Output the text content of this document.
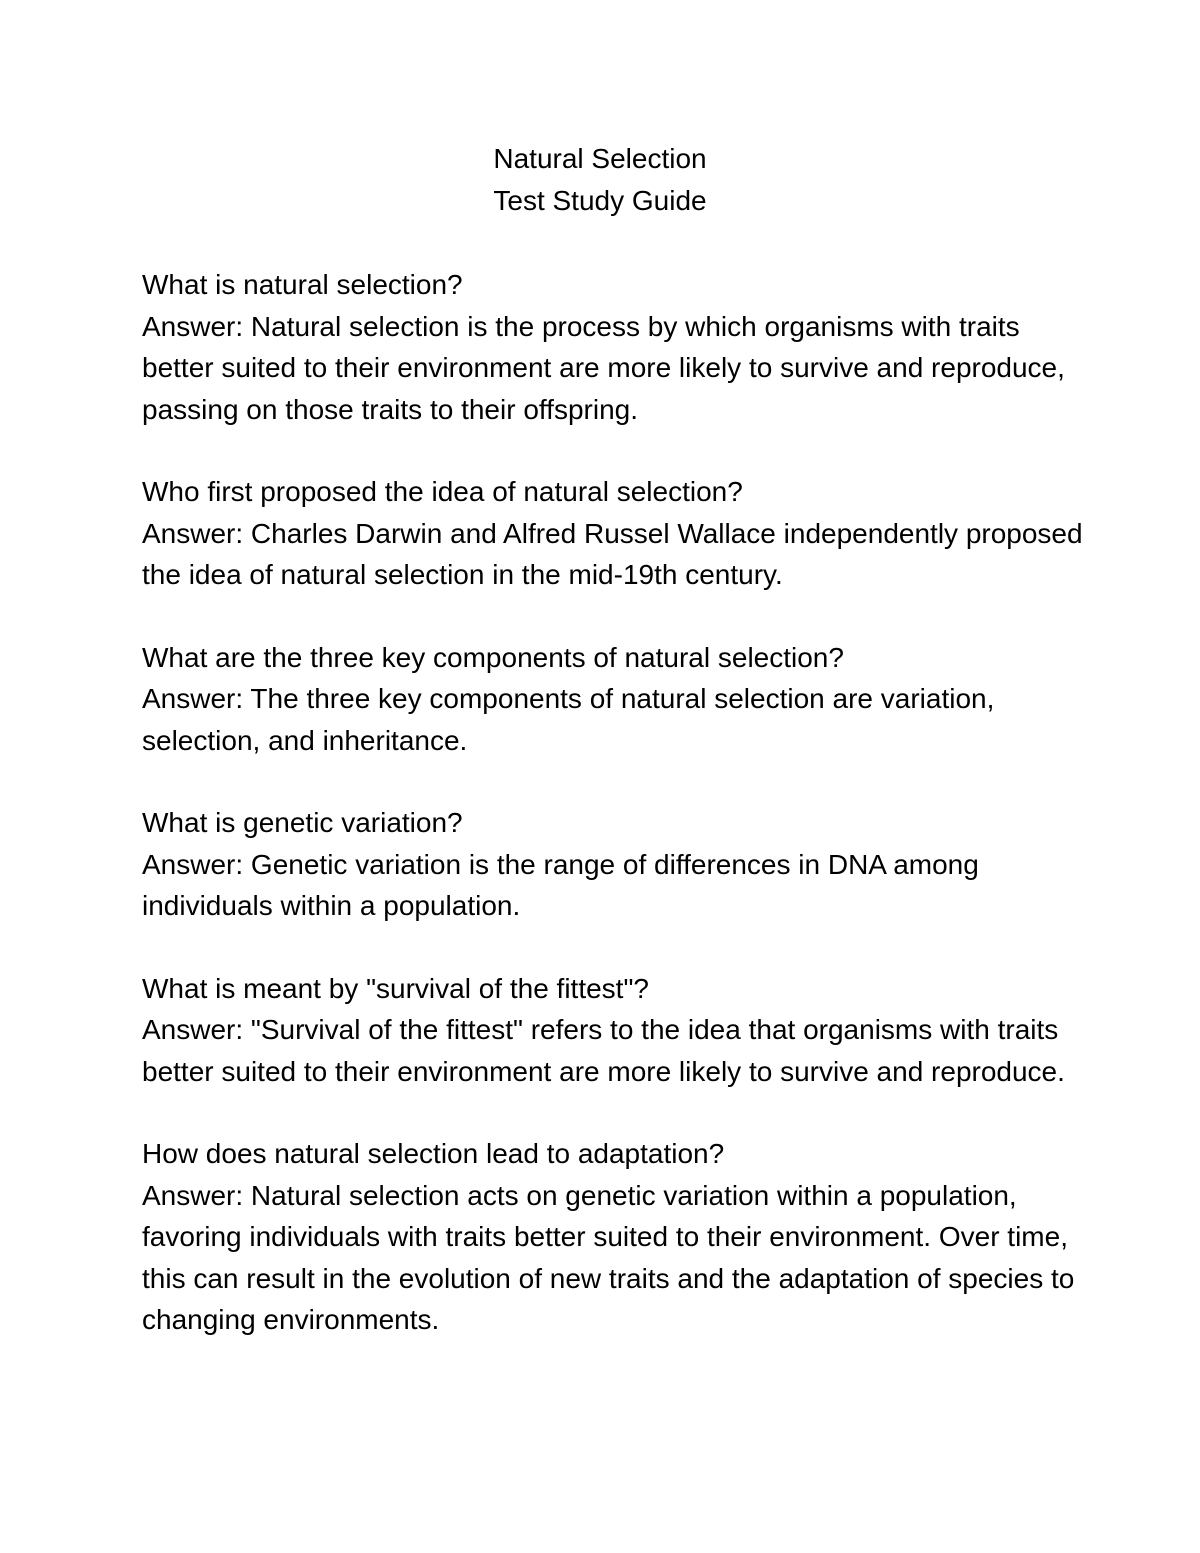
Natural Selection
Test Study Guide

What is natural selection?

Answer: Natural selection is the process by which organisms with traits better suited to their environment are more likely to survive and reproduce, passing on those traits to their offspring.

Who first proposed the idea of natural selection?

Answer: Charles Darwin and Alfred Russel Wallace independently proposed the idea of natural selection in the mid-19th century.

What are the three key components of natural selection?

Answer: The three key components of natural selection are variation, selection, and inheritance.

What is genetic variation?

Answer: Genetic variation is the range of differences in DNA among individuals within a population.

What is meant by "survival of the fittest"?

Answer: "Survival of the fittest" refers to the idea that organisms with traits better suited to their environment are more likely to survive and reproduce.

How does natural selection lead to adaptation?

Answer: Natural selection acts on genetic variation within a population, favoring individuals with traits better suited to their environment. Over time, this can result in the evolution of new traits and the adaptation of species to changing environments.
